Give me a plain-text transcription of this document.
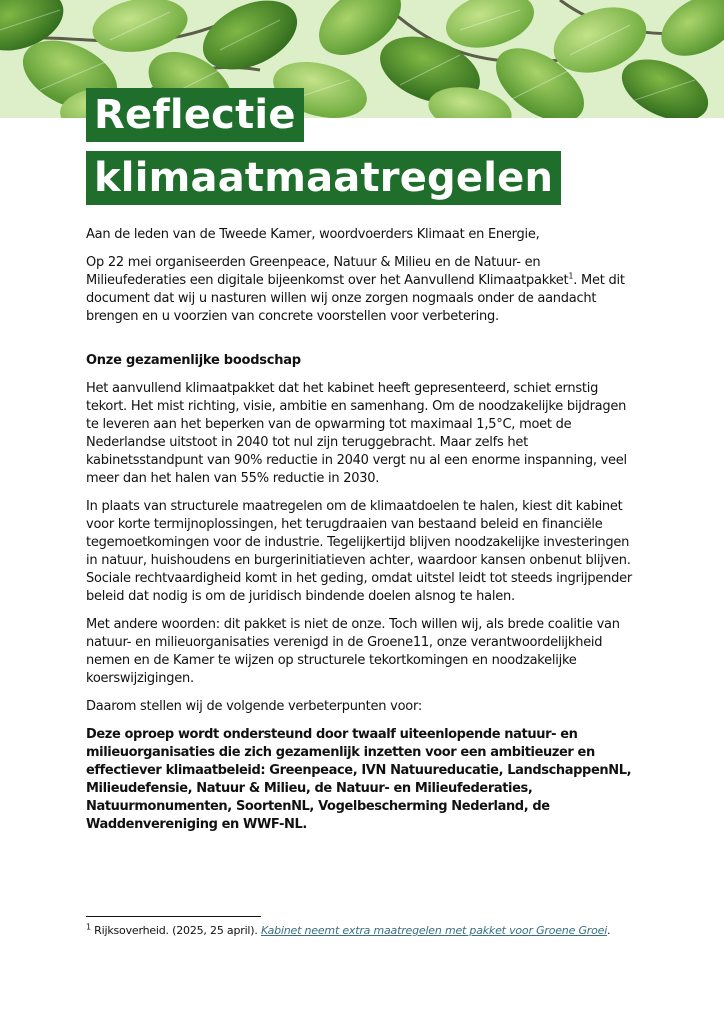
Reflectie
klimaatmaatregelen

Aan de leden van de Tweede Kamer, woordvoerders Klimaat en Energie,

Op 22 mei organiseerden Greenpeace, Natuur & Milieu en de Natuur- en Milieufederaties een digitale bijeenkomst over het Aanvullend Klimaatpakket$^1$. Met dit document dat wij u nasturen willen wij onze zorgen nogmaals onder de aandacht brengen en u voorzien van concrete voorstellen voor verbetering.

Onze gezamenlijke boodschap

Het aanvullend klimaatpakket dat het kabinet heeft gepresenteerd, schiet ernstig tekort. Het mist richting, visie, ambitie en samenhang. Om de noodzakelijke bijdragen te leveren aan het beperken van de opwarming tot maximaal 1,5°C, moet de Nederlandse uitstoot in 2040 tot nul zijn teruggebracht. Maar zelfs het kabinetsstandpunt van 90% reductie in 2040 vergt nu al een enorme inspanning, veel meer dan het halen van 55% reductie in 2030.

In plaats van structurele maatregelen om de klimaatdoelen te halen, kiest dit kabinet voor korte termijnoplossingen, het terugdraaien van bestaand beleid en financiële tegemoetkomingen voor de industrie. Tegelijkertijd blijven noodzakelijke investeringen in natuur, huishoudens en burgerinitiatieven achter, waardoor kansen onbenut blijven. Sociale rechtvaardigheid komt in het geding, omdat uitstel leidt tot steeds ingrijpender beleid dat nodig is om de juridisch bindende doelen alsnog te halen.

Met andere woorden: dit pakket is niet de onze. Toch willen wij, als brede coalitie van natuur- en milieuorganisaties verenigd in de Groene11, onze verantwoordelijkheid nemen en de Kamer te wijzen op structurele tekortkomingen en noodzakelijke koerswijzigingen.

Daarom stellen wij de volgende verbeterpunten voor:

Deze oproep wordt ondersteund door twaalf uiteenlopende natuur- en milieuorganisaties die zich gezamenlijk inzetten voor een ambitieuzer en effectiever klimaatbeleid: Greenpeace, IVN Natuureducatie, LandschappenNL, Milieudefensie, Natuur & Milieu, de Natuur- en Milieufederaties, Natuurmonumenten, SoortenNL, Vogelbescherming Nederland, de Waddenvereniging en WWF-NL.

$^1$ Rijksoverheid. (2025, 25 april). Kabinet neemt extra maatregelen met pakket voor Groene Groei.
